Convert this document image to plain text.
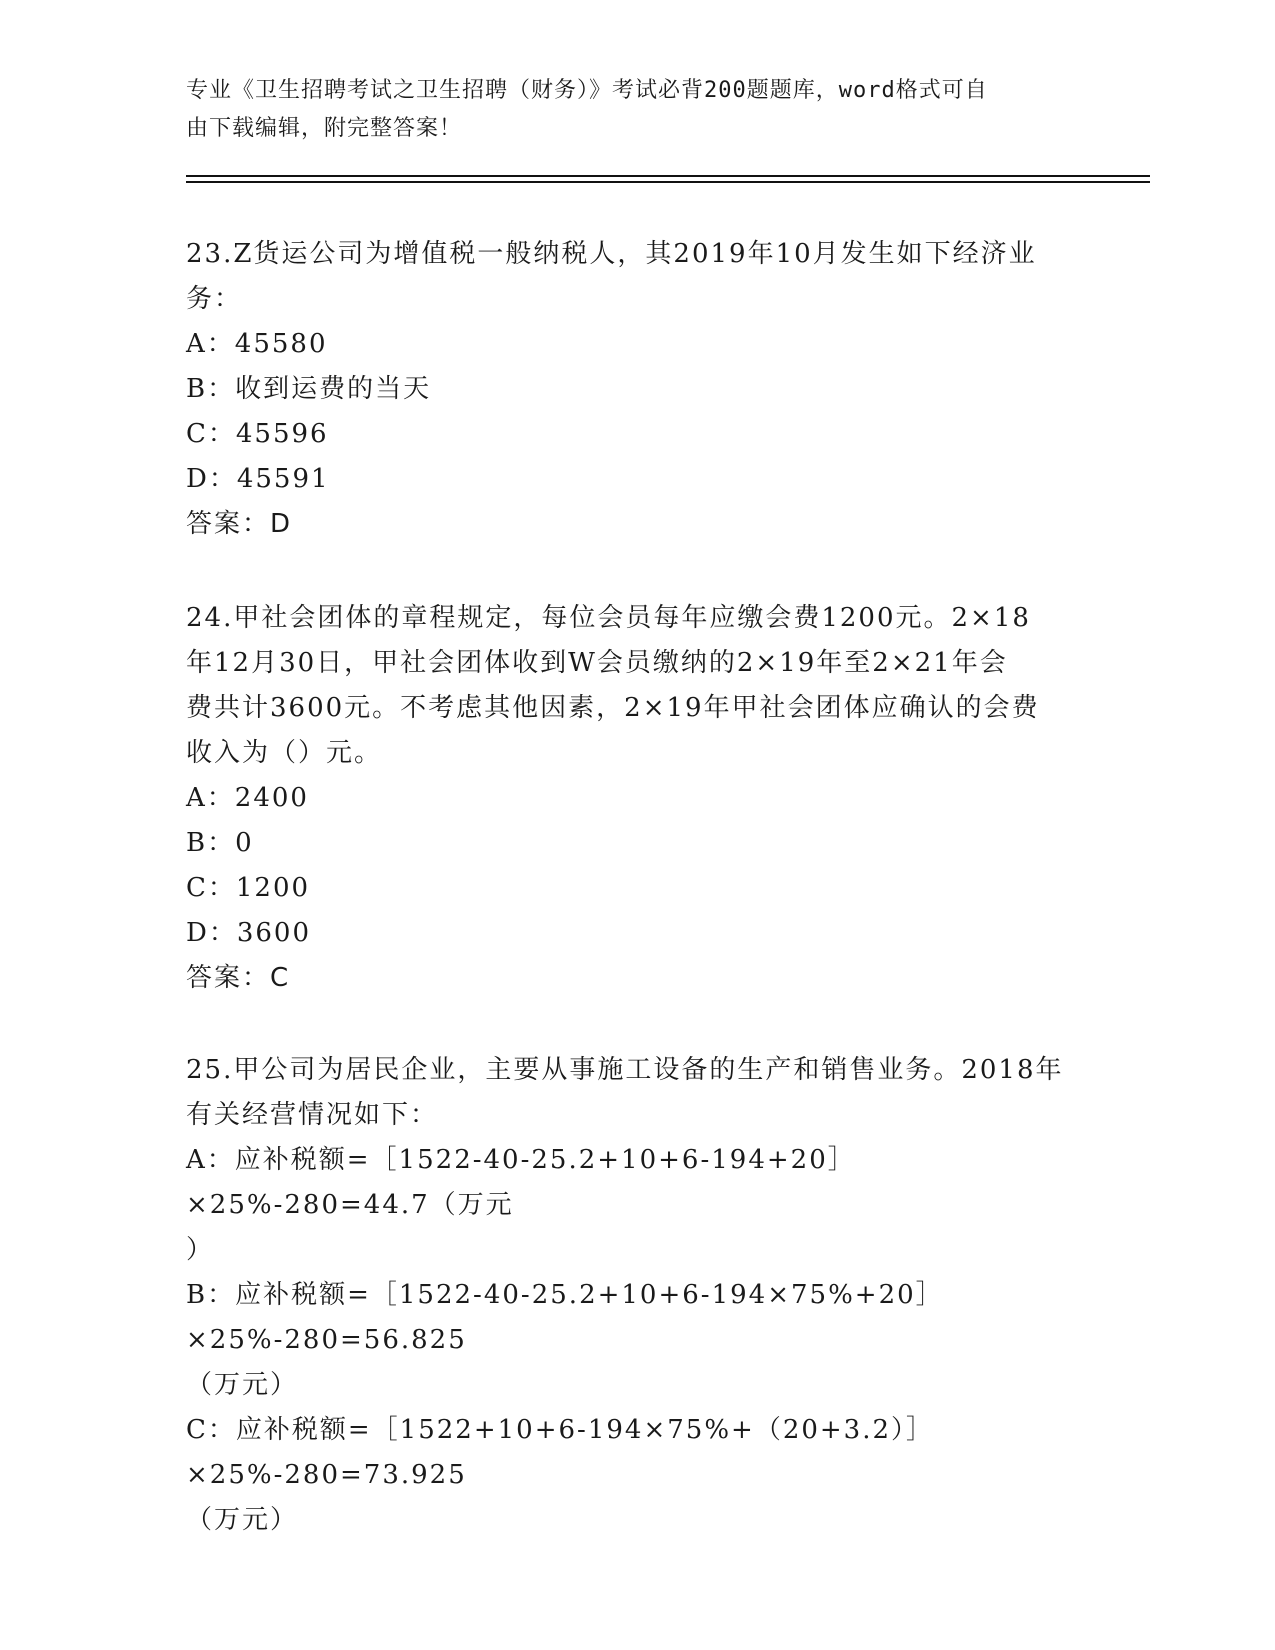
专业《卫生招聘考试之卫生招聘（财务）》考试必背200题题库，word格式可自
由下载编辑，附完整答案！

23.Z货运公司为增值税一般纳税人，其2019年10月发生如下经济业

务：

A：45580

B：收到运费的当天

C：45596

D：45591

答案：D

24.甲社会团体的章程规定，每位会员每年应缴会费1200元。2×18

年12月30日，甲社会团体收到W会员缴纳的2×19年至2×21年会

费共计3600元。不考虑其他因素，2×19年甲社会团体应确认的会费

收入为（）元。

A：2400

B：0

C：1200

D：3600

答案：C

25.甲公司为居民企业，主要从事施工设备的生产和销售业务。2018年

有关经营情况如下：

A：应补税额=［1522-40-25.2+10+6-194+20］×25%-280=44.7（万元

）

B：应补税额=［1522-40-25.2+10+6-194×75%+20］×25%-280=56.825

（万元）

C：应补税额=［1522+10+6-194×75%+（20+3.2）］×25%-280=73.925

（万元）
